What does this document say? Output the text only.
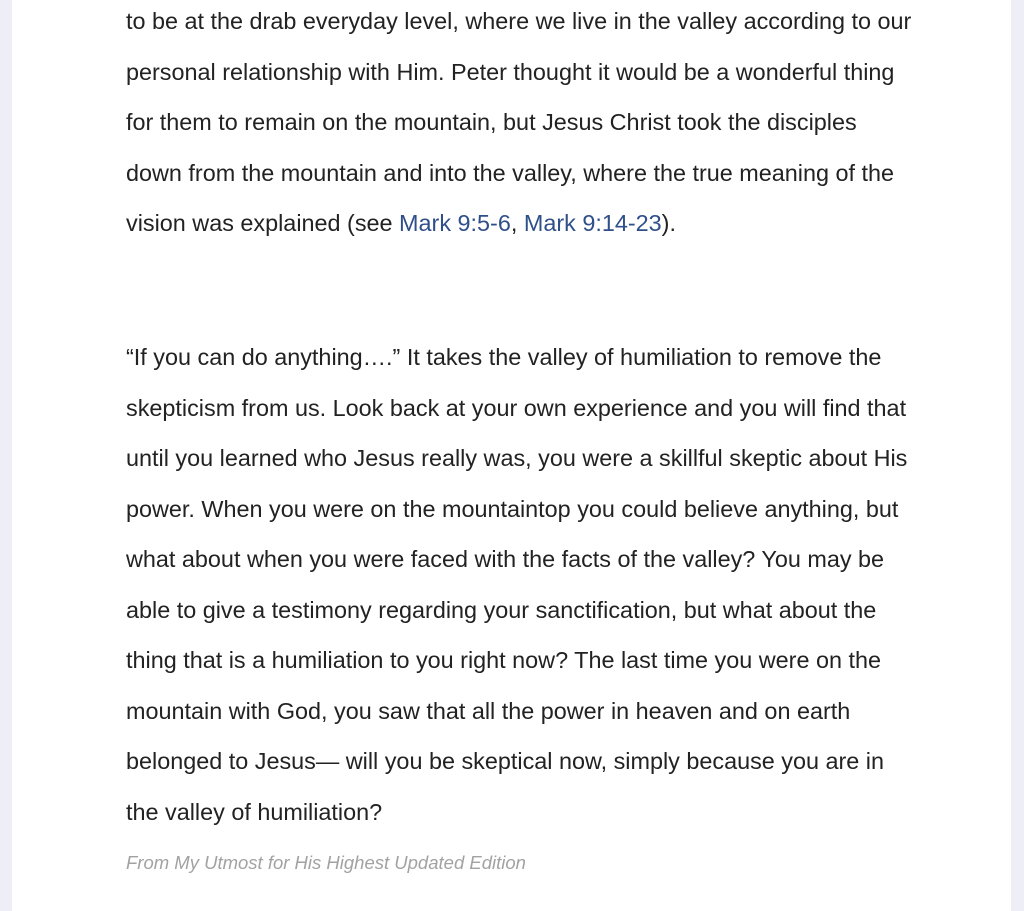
to be at the drab everyday level, where we live in the valley according to our personal relationship with Him. Peter thought it would be a wonderful thing for them to remain on the mountain, but Jesus Christ took the disciples down from the mountain and into the valley, where the true meaning of the vision was explained (see Mark 9:5-6, Mark 9:14-23).

“If you can do anything….” It takes the valley of humiliation to remove the skepticism from us. Look back at your own experience and you will find that until you learned who Jesus really was, you were a skillful skeptic about His power. When you were on the mountaintop you could believe anything, but what about when you were faced with the facts of the valley? You may be able to give a testimony regarding your sanctification, but what about the thing that is a humiliation to you right now? The last time you were on the mountain with God, you saw that all the power in heaven and on earth belonged to Jesus— will you be skeptical now, simply because you are in the valley of humiliation?

From My Utmost for His Highest Updated Edition
